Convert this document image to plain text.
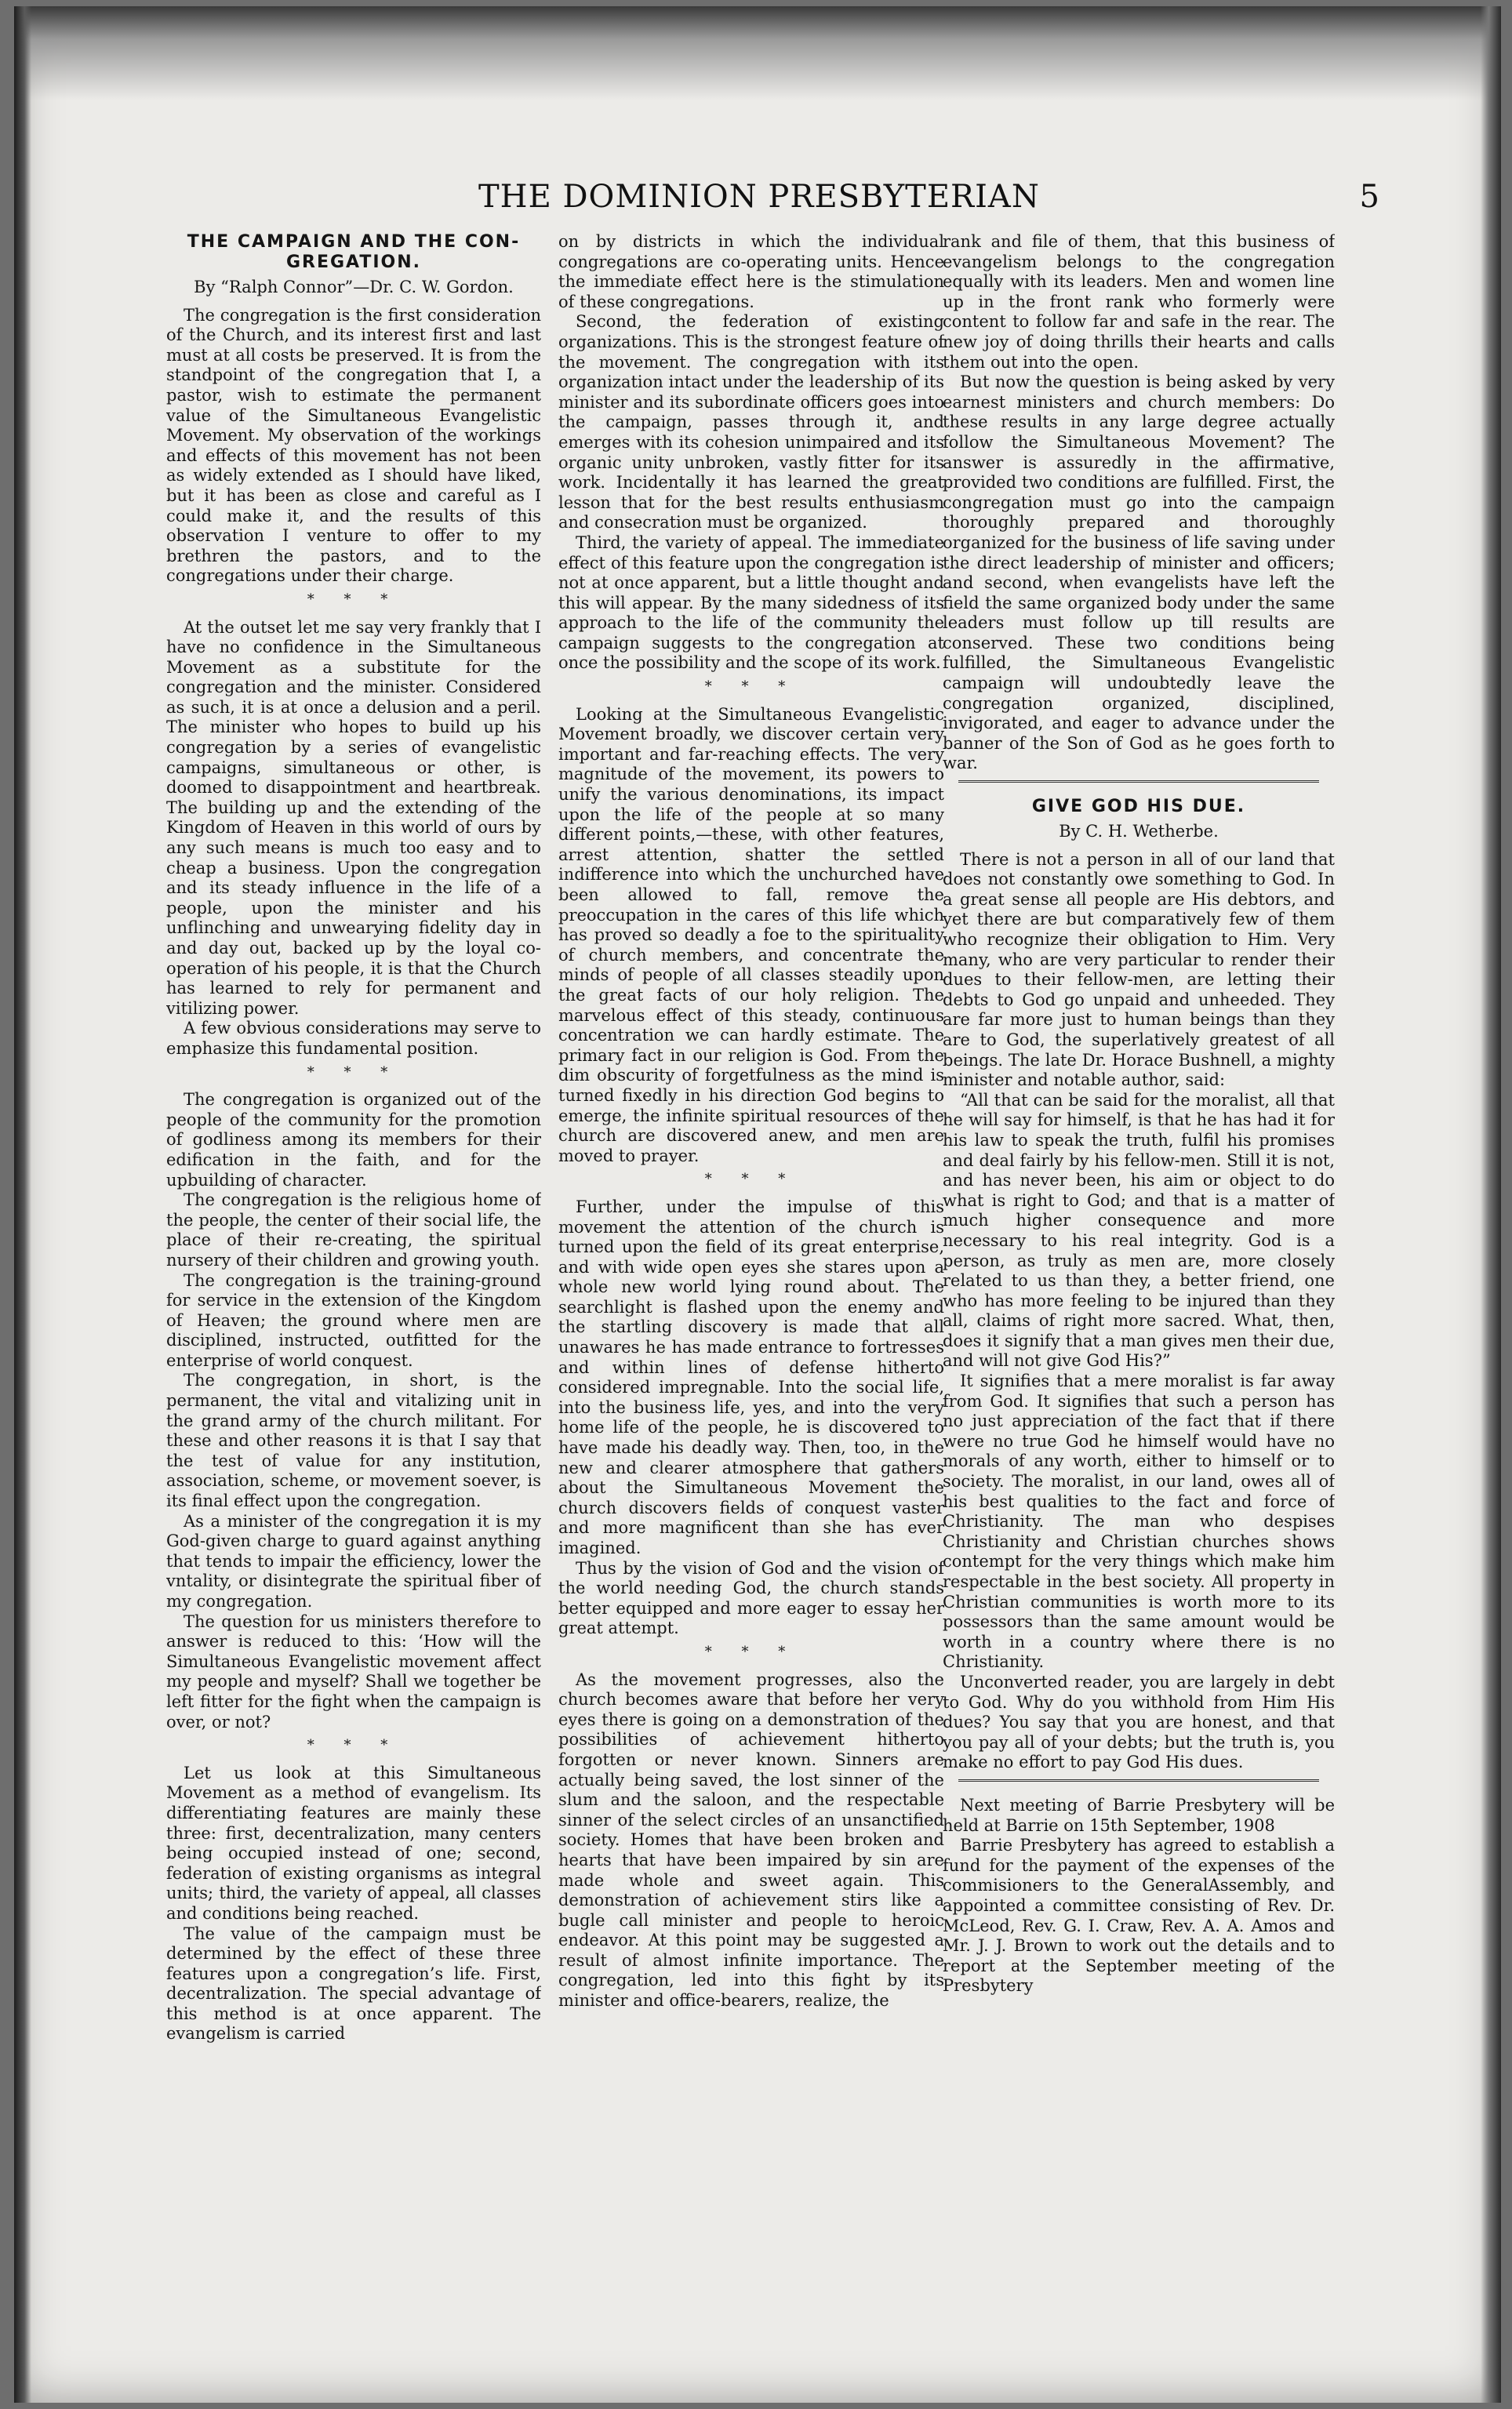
THE DOMINION PRESBYTERIAN	5
THE CAMPAIGN AND THE CON-GREGATION.
By “Ralph Connor”—Dr. C. W. Gordon.

The congregation is the first consideration of the Church, and its interest first and last must at all costs be preserved. It is from the standpoint of the congregation that I, a pastor, wish to estimate the permanent value of the Simultaneous Evangelistic Movement. My observation of the workings and effects of this movement has not been as widely extended as I should have liked, but it has been as close and careful as I could make it, and the results of this observation I venture to offer to my brethren the pastors, and to the congregations under their charge.

* * *

At the outset let me say very frankly that I have no confidence in the Simultaneous Movement as a substitute for the congregation and the minister. Considered as such, it is at once a delusion and a peril. The minister who hopes to build up his congregation by a series of evangelistic campaigns, simultaneous or other, is doomed to disappointment and heartbreak. The building up and the extending of the Kingdom of Heaven in this world of ours by any such means is much too easy and to cheap a business. Upon the congregation and its steady influence in the life of a people, upon the minister and his unflinching and unwearying fidelity day in and day out, backed up by the loyal co-operation of his people, it is that the Church has learned to rely for permanent and vitilizing power.

A few obvious considerations may serve to emphasize this fundamental position.

* * *

The congregation is organized out of the people of the community for the promotion of godliness among its members for their edification in the faith, and for the upbuilding of character.

The congregation is the religious home of the people, the center of their social life, the place of their re-creating, the spiritual nursery of their children and growing youth.

The congregation is the training-ground for service in the extension of the Kingdom of Heaven; the ground where men are disciplined, instructed, outfitted for the enterprise of world conquest.

The congregation, in short, is the permanent, the vital and vitalizing unit in the grand army of the church militant. For these and other reasons it is that I say that the test of value for any institution, association, scheme, or movement soever, is its final effect upon the congregation.

As a minister of the congregation it is my God-given charge to guard against anything that tends to impair the efficiency, lower the vntality, or disintegrate the spiritual fiber of my congregation.

The question for us ministers therefore to answer is reduced to this: ‘How will the Simultaneous Evangelistic movement affect my people and myself? Shall we together be left fitter for the fight when the campaign is over, or not?

* * *

Let us look at this Simultaneous Movement as a method of evangelism. Its differentiating features are mainly these three: first, decentralization, many centers being occupied instead of one; second, federation of existing organisms as integral units; third, the variety of appeal, all classes and conditions being reached.

The value of the campaign must be determined by the effect of these three features upon a congregation’s life. First, decentralization. The special advantage of this method is at once apparent. The evangelism is carried

on by districts in which the individual congregations are co-operating units. Hence the immediate effect here is the stimulation of these congregations.

Second, the federation of existing organizations. This is the strongest feature of the movement. The congregation with its organization intact under the leadership of its minister and its subordinate officers goes into the campaign, passes through it, and emerges with its cohesion unimpaired and its organic unity unbroken, vastly fitter for its work. Incidentally it has learned the great lesson that for the best results enthusiasm and consecration must be organized.

Third, the variety of appeal. The immediate effect of this feature upon the congregation is not at once apparent, but a little thought and this will appear. By the many sidedness of its approach to the life of the community the campaign suggests to the congregation at once the possibility and the scope of its work.

* * *

Looking at the Simultaneous Evangelistic Movement broadly, we discover certain very important and far-reaching effects. The very magnitude of the movement, its powers to unify the various denominations, its impact upon the life of the people at so many different points,—these, with other features, arrest attention, shatter the settled indifference into which the unchurched have been allowed to fall, remove the preoccupation in the cares of this life which has proved so deadly a foe to the spirituality of church members, and concentrate the minds of people of all classes steadily upon the great facts of our holy religion. The marvelous effect of this steady, continuous concentration we can hardly estimate. The primary fact in our religion is God. From the dim obscurity of forgetfulness as the mind is turned fixedly in his direction God begins to emerge, the infinite spiritual resources of the church are discovered anew, and men are moved to prayer.

* * *

Further, under the impulse of this movement the attention of the church is turned upon the field of its great enterprise, and with wide open eyes she stares upon a whole new world lying round about. The searchlight is flashed upon the enemy and the startling discovery is made that all unawares he has made entrance to fortresses and within lines of defense hitherto considered impregnable. Into the social life, into the business life, yes, and into the very home life of the people, he is discovered to have made his deadly way. Then, too, in the new and clearer atmosphere that gathers about the Simultaneous Movement the church discovers fields of conquest vaster and more magnificent than she has ever imagined.

Thus by the vision of God and the vision of the world needing God, the church stands better equipped and more eager to essay her great attempt.

* * *

As the movement progresses, also the church becomes aware that before her very eyes there is going on a demonstration of the possibilities of achievement hitherto forgotten or never known. Sinners are actually being saved, the lost sinner of the slum and the saloon, and the respectable sinner of the select circles of an unsanctified society. Homes that have been broken and hearts that have been impaired by sin are made whole and sweet again. This demonstration of achievement stirs like a bugle call minister and people to heroic endeavor. At this point may be suggested a result of almost infinite importance. The congregation, led into this fight by its minister and office-bearers, realize, the

rank and file of them, that this business of evangelism belongs to the congregation equally with its leaders. Men and women line up in the front rank who formerly were content to follow far and safe in the rear. The new joy of doing thrills their hearts and calls them out into the open.

But now the question is being asked by very earnest ministers and church members: Do these results in any large degree actually follow the Simultaneous Movement? The answer is assuredly in the affirmative, provided two conditions are fulfilled. First, the congregation must go into the campaign thoroughly prepared and thoroughly organized for the business of life saving under the direct leadership of minister and officers; and second, when evangelists have left the field the same organized body under the same leaders must follow up till results are conserved. These two conditions being fulfilled, the Simultaneous Evangelistic campaign will undoubtedly leave the congregation organized, disciplined, invigorated, and eager to advance under the banner of the Son of God as he goes forth to war.

GIVE GOD HIS DUE.
By C. H. Wetherbe.

There is not a person in all of our land that does not constantly owe something to God. In a great sense all people are His debtors, and yet there are but comparatively few of them who recognize their obligation to Him. Very many, who are very particular to render their dues to their fellow-men, are letting their debts to God go unpaid and unheeded. They are far more just to human beings than they are to God, the superlatively greatest of all beings. The late Dr. Horace Bushnell, a mighty minister and notable author, said:

“All that can be said for the moralist, all that he will say for himself, is that he has had it for his law to speak the truth, fulfil his promises and deal fairly by his fellow-men. Still it is not, and has never been, his aim or object to do what is right to God; and that is a matter of much higher consequence and more necessary to his real integrity. God is a person, as truly as men are, more closely related to us than they, a better friend, one who has more feeling to be injured than they all, claims of right more sacred. What, then, does it signify that a man gives men their due, and will not give God His?”

It signifies that a mere moralist is far away from God. It signifies that such a person has no just appreciation of the fact that if there were no true God he himself would have no morals of any worth, either to himself or to society. The moralist, in our land, owes all of his best qualities to the fact and force of Christianity. The man who despises Christianity and Christian churches shows contempt for the very things which make him respectable in the best society. All property in Christian communities is worth more to its possessors than the same amount would be worth in a country where there is no Christianity.

Unconverted reader, you are largely in debt to God. Why do you withhold from Him His dues? You say that you are honest, and that you pay all of your debts; but the truth is, you make no effort to pay God His dues.

Next meeting of Barrie Presbytery will be held at Barrie on 15th September, 1908

Barrie Presbytery has agreed to establish a fund for the payment of the expenses of the commisioners to the GeneralAssembly, and appointed a committee consisting of Rev. Dr. McLeod, Rev. G. I. Craw, Rev. A. A. Amos and Mr. J. J. Brown to work out the details and to report at the September meeting of the Presbytery
